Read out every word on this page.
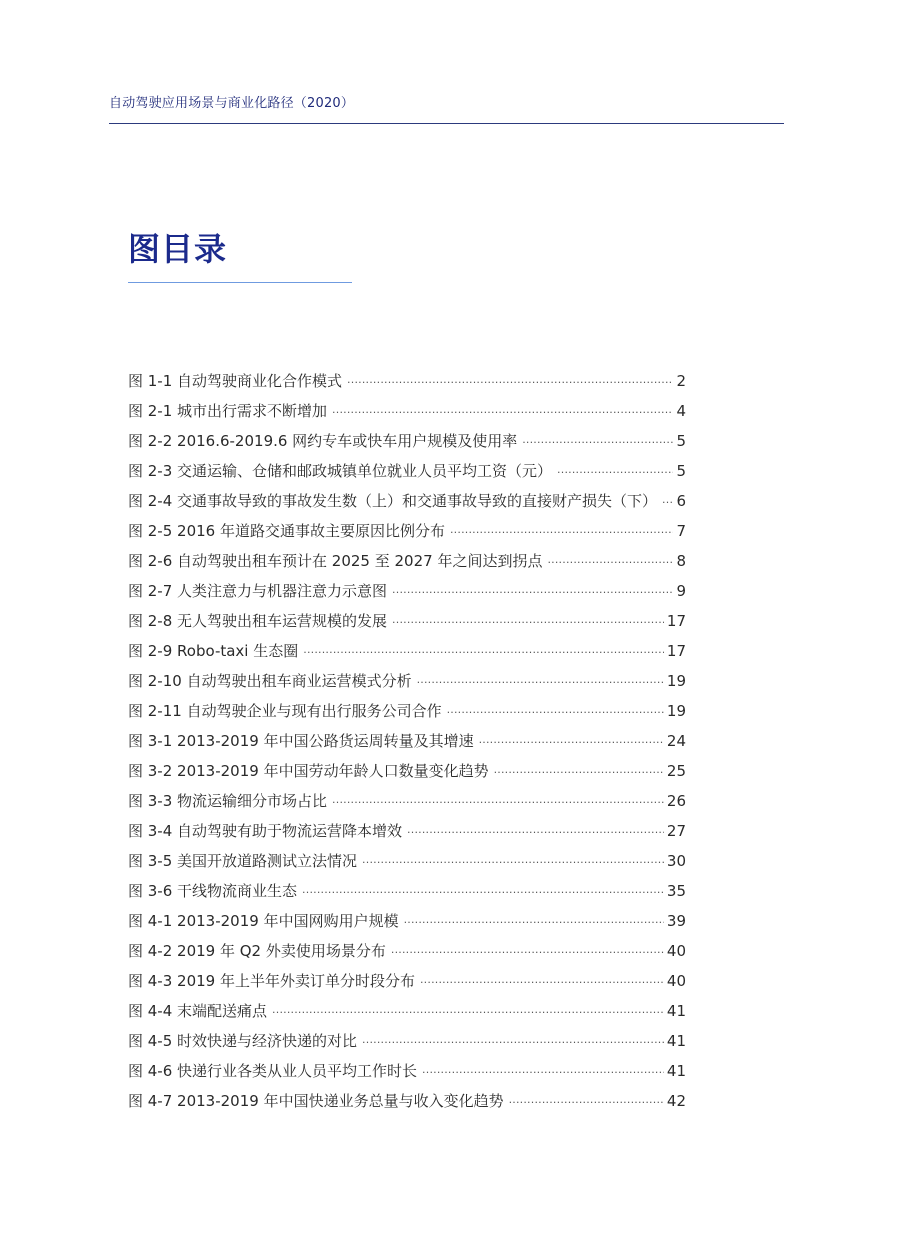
自动驾驶应用场景与商业化路径（2020）
图目录
图 1-1 自动驾驶商业化合作模式 ·····	2
图 2-1 城市出行需求不断增加 ·····	4
图 2-2 2016.6-2019.6 网约专车或快车用户规模及使用率 ·····	5
图 2-3 交通运输、仓储和邮政城镇单位就业人员平均工资（元） ·····	5
图 2-4 交通事故导致的事故发生数（上）和交通事故导致的直接财产损失（下） ····· 6
图 2-5 2016 年道路交通事故主要原因比例分布 ·····	7
图 2-6 自动驾驶出租车预计在 2025 至 2027 年之间达到拐点 ·····	8
图 2-7 人类注意力与机器注意力示意图 ·····	9
图 2-8 无人驾驶出租车运营规模的发展 ·····	17
图 2-9 Robo-taxi 生态圈 ·····	17
图 2-10 自动驾驶出租车商业运营模式分析 ·····	19
图 2-11 自动驾驶企业与现有出行服务公司合作 ·····	19
图 3-1 2013-2019 年中国公路货运周转量及其增速 ·····	24
图 3-2 2013-2019 年中国劳动年龄人口数量变化趋势 ·····	25
图 3-3 物流运输细分市场占比 ·····	26
图 3-4 自动驾驶有助于物流运营降本增效 ·····	27
图 3-5 美国开放道路测试立法情况 ·····	30
图 3-6 干线物流商业生态 ·····	35
图 4-1 2013-2019 年中国网购用户规模 ·····	39
图 4-2 2019 年 Q2 外卖使用场景分布 ·····	40
图 4-3 2019 年上半年外卖订单分时段分布 ·····	40
图 4-4 末端配送痛点 ·····	41
图 4-5 时效快递与经济快递的对比 ·····	41
图 4-6 快递行业各类从业人员平均工作时长 ·····	41
图 4-7 2013-2019 年中国快递业务总量与收入变化趋势 ·····	42
